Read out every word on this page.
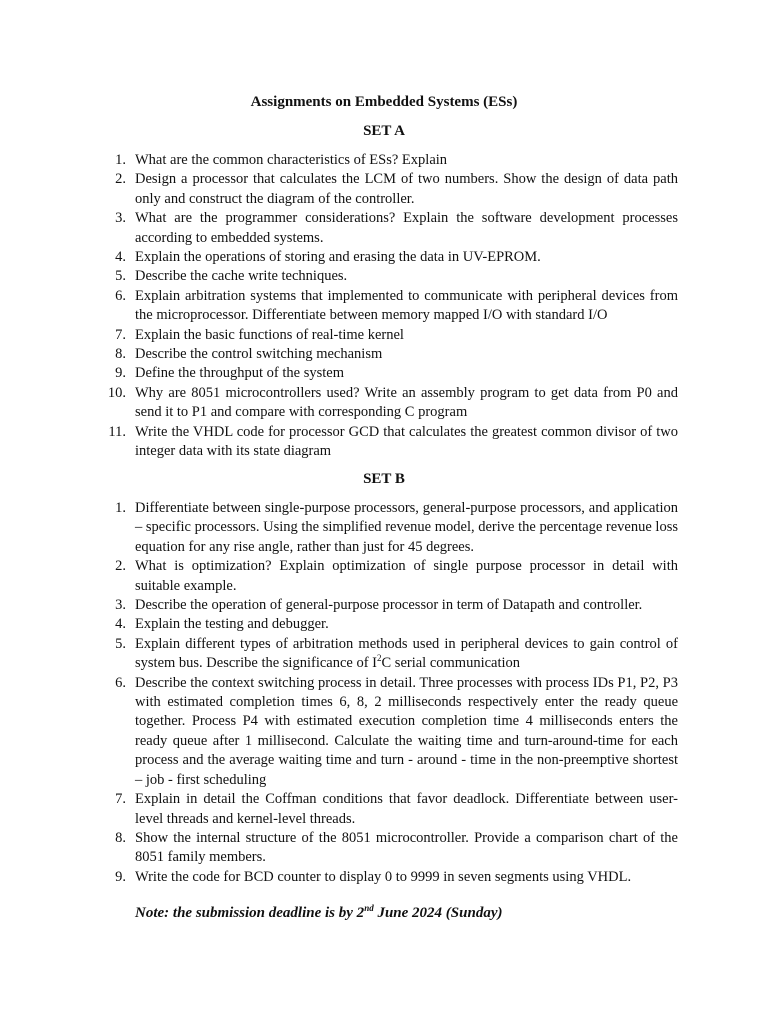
Assignments on Embedded Systems (ESs)
SET A
1. What are the common characteristics of ESs? Explain
2. Design a processor that calculates the LCM of two numbers. Show the design of data path only and construct the diagram of the controller.
3. What are the programmer considerations? Explain the software development processes according to embedded systems.
4. Explain the operations of storing and erasing the data in UV-EPROM.
5. Describe the cache write techniques.
6. Explain arbitration systems that implemented to communicate with peripheral devices from the microprocessor. Differentiate between memory mapped I/O with standard I/O
7. Explain the basic functions of real-time kernel
8. Describe the control switching mechanism
9. Define the throughput of the system
10. Why are 8051 microcontrollers used? Write an assembly program to get data from P0 and send it to P1 and compare with corresponding C program
11. Write the VHDL code for processor GCD that calculates the greatest common divisor of two integer data with its state diagram
SET B
1. Differentiate between single-purpose processors, general-purpose processors, and application – specific processors. Using the simplified revenue model, derive the percentage revenue loss equation for any rise angle, rather than just for 45 degrees.
2. What is optimization? Explain optimization of single purpose processor in detail with suitable example.
3. Describe the operation of general-purpose processor in term of Datapath and controller.
4. Explain the testing and debugger.
5. Explain different types of arbitration methods used in peripheral devices to gain control of system bus. Describe the significance of $I^2C$ serial communication
6. Describe the context switching process in detail. Three processes with process IDs P1, P2, P3 with estimated completion times 6, 8, 2 milliseconds respectively enter the ready queue together. Process P4 with estimated execution completion time 4 milliseconds enters the ready queue after 1 millisecond. Calculate the waiting time and turn-around-time for each process and the average waiting time and turn - around - time in the non-preemptive shortest – job - first scheduling
7. Explain in detail the Coffman conditions that favor deadlock. Differentiate between user-level threads and kernel-level threads.
8. Show the internal structure of the 8051 microcontroller. Provide a comparison chart of the 8051 family members.
9. Write the code for BCD counter to display 0 to 9999 in seven segments using VHDL.
Note: the submission deadline is by 2nd June 2024 (Sunday)
